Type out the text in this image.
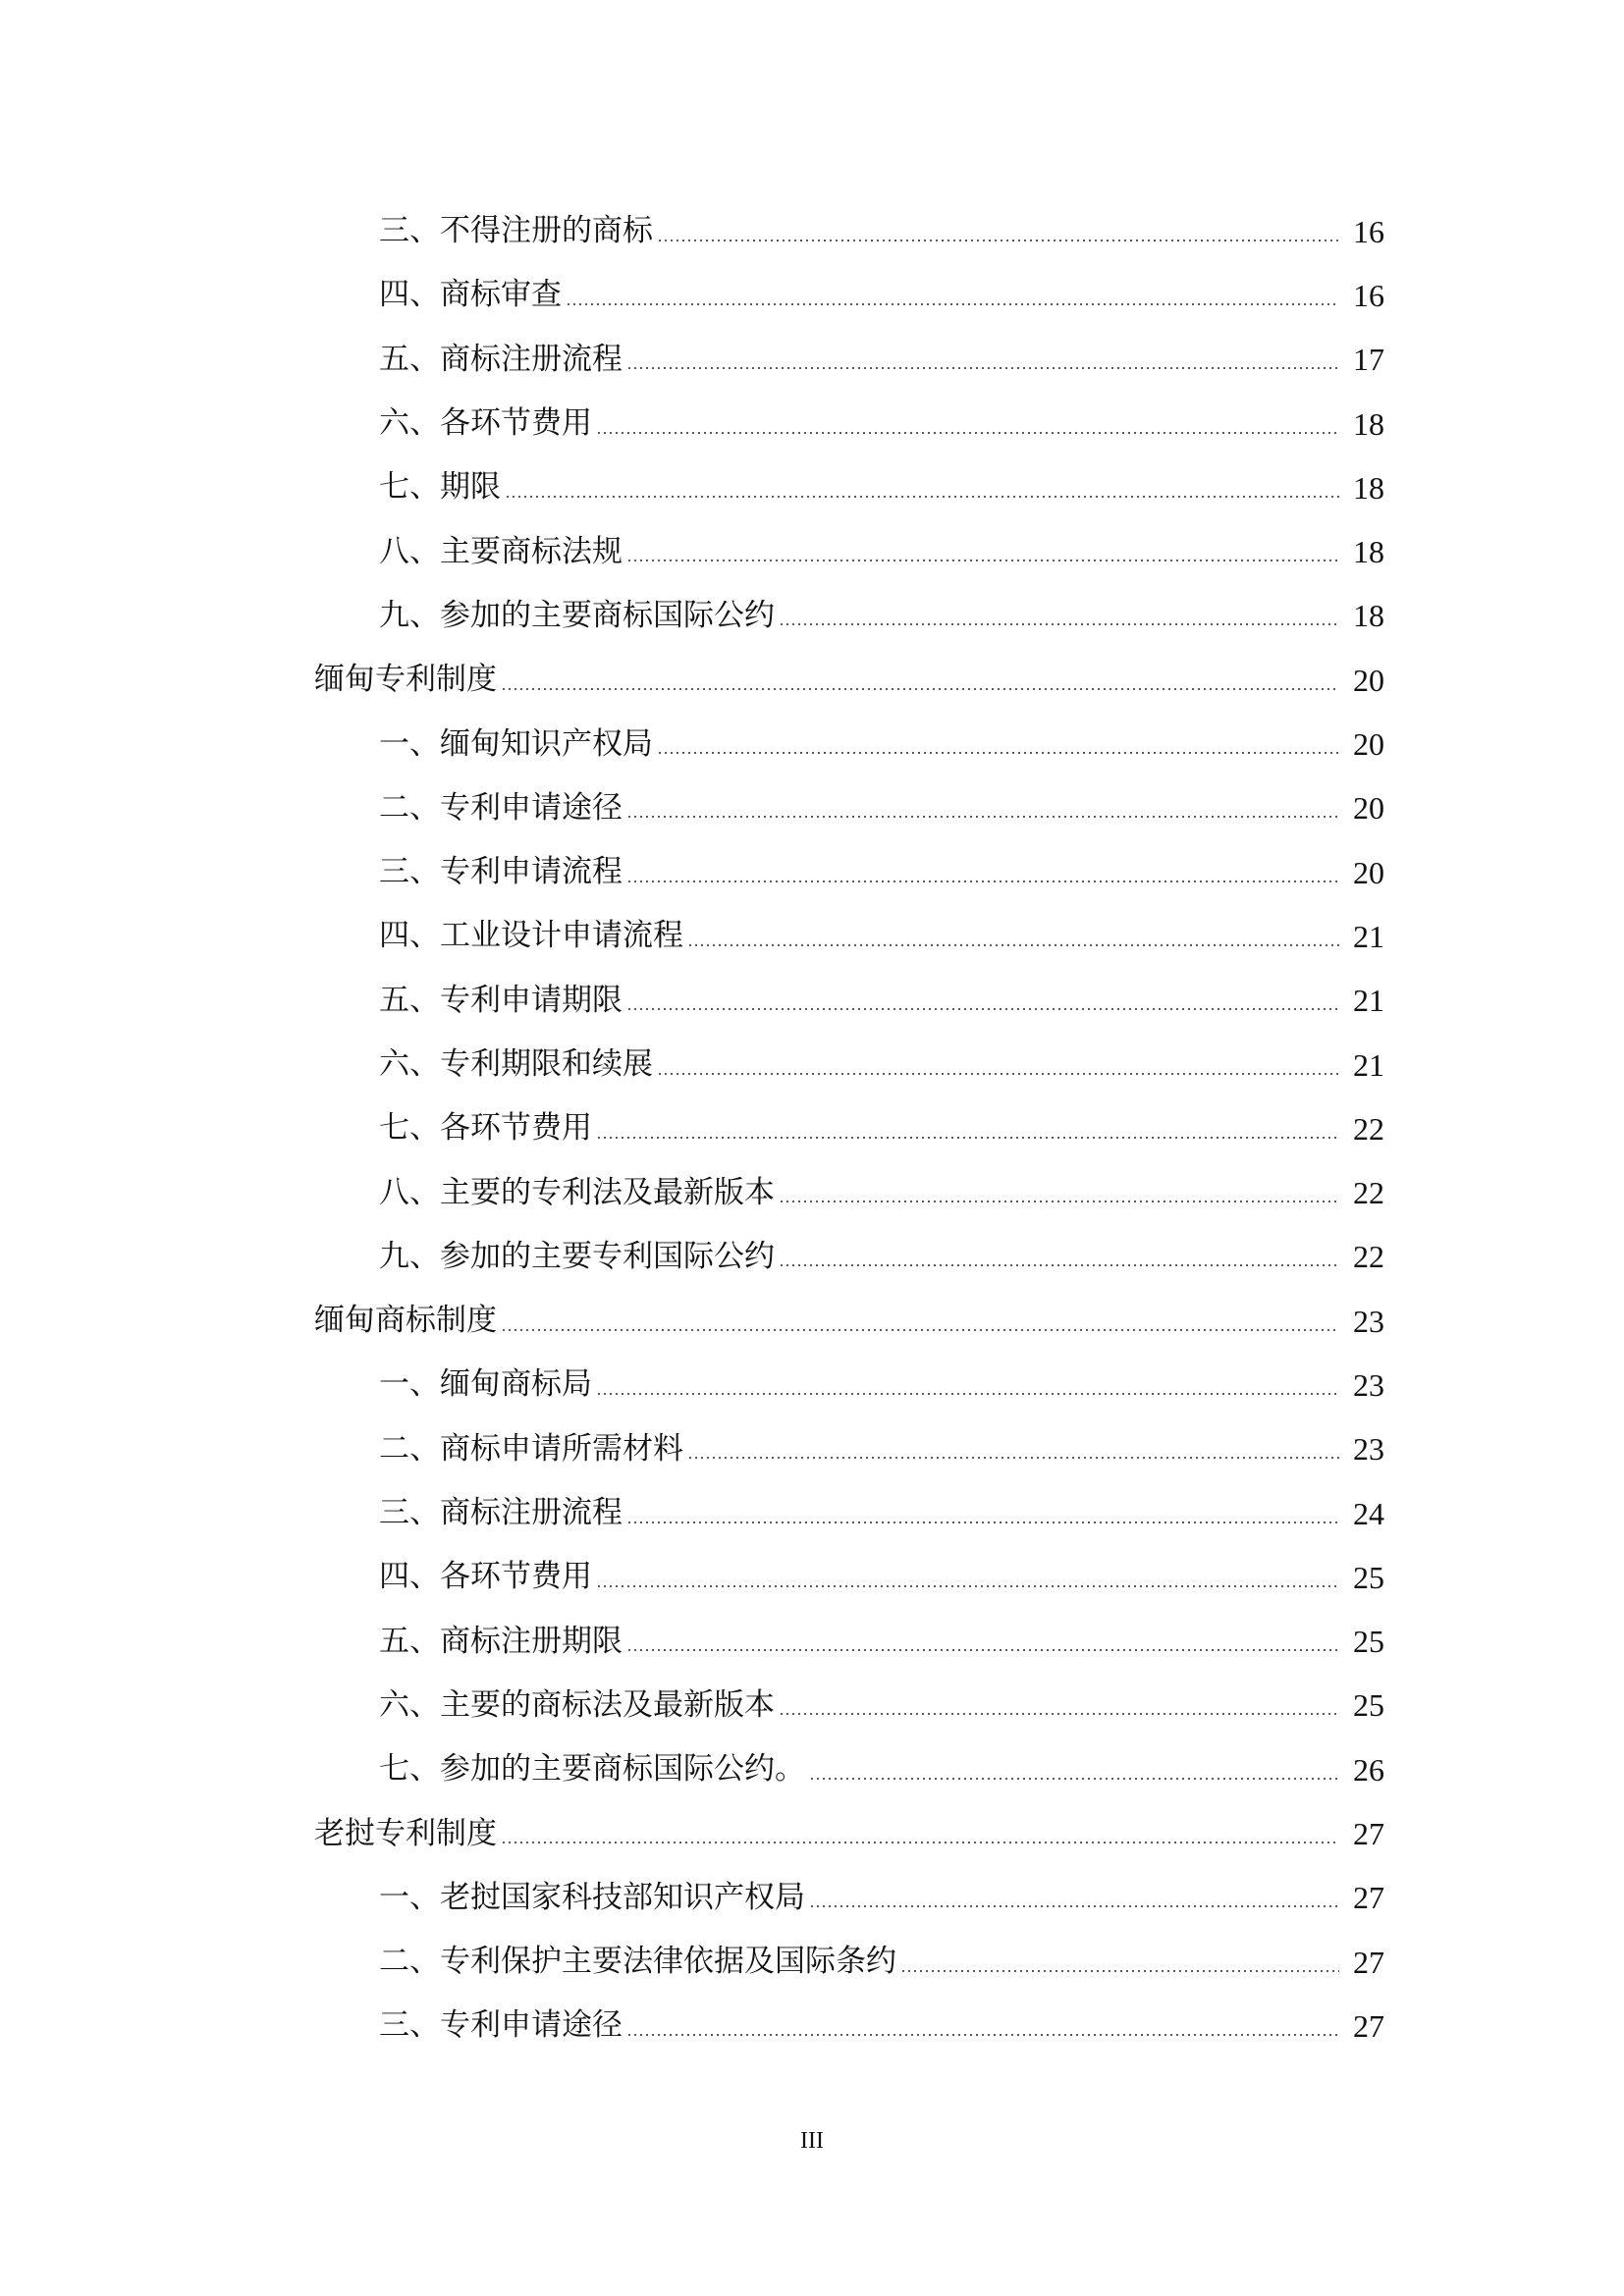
三、不得注册的商标	16
四、商标审查	16
五、商标注册流程	17
六、各环节费用	18
七、期限	18
八、主要商标法规	18
九、参加的主要商标国际公约	18
缅甸专利制度	20
一、缅甸知识产权局	20
二、专利申请途径	20
三、专利申请流程	20
四、工业设计申请流程	21
五、专利申请期限	21
六、专利期限和续展	21
七、各环节费用	22
八、主要的专利法及最新版本	22
九、参加的主要专利国际公约	22
缅甸商标制度	23
一、缅甸商标局	23
二、商标申请所需材料	23
三、商标注册流程	24
四、各环节费用	25
五、商标注册期限	25
六、主要的商标法及最新版本	25
七、参加的主要商标国际公约。	26
老挝专利制度	27
一、老挝国家科技部知识产权局	27
二、专利保护主要法律依据及国际条约	27
三、专利申请途径	27
III
